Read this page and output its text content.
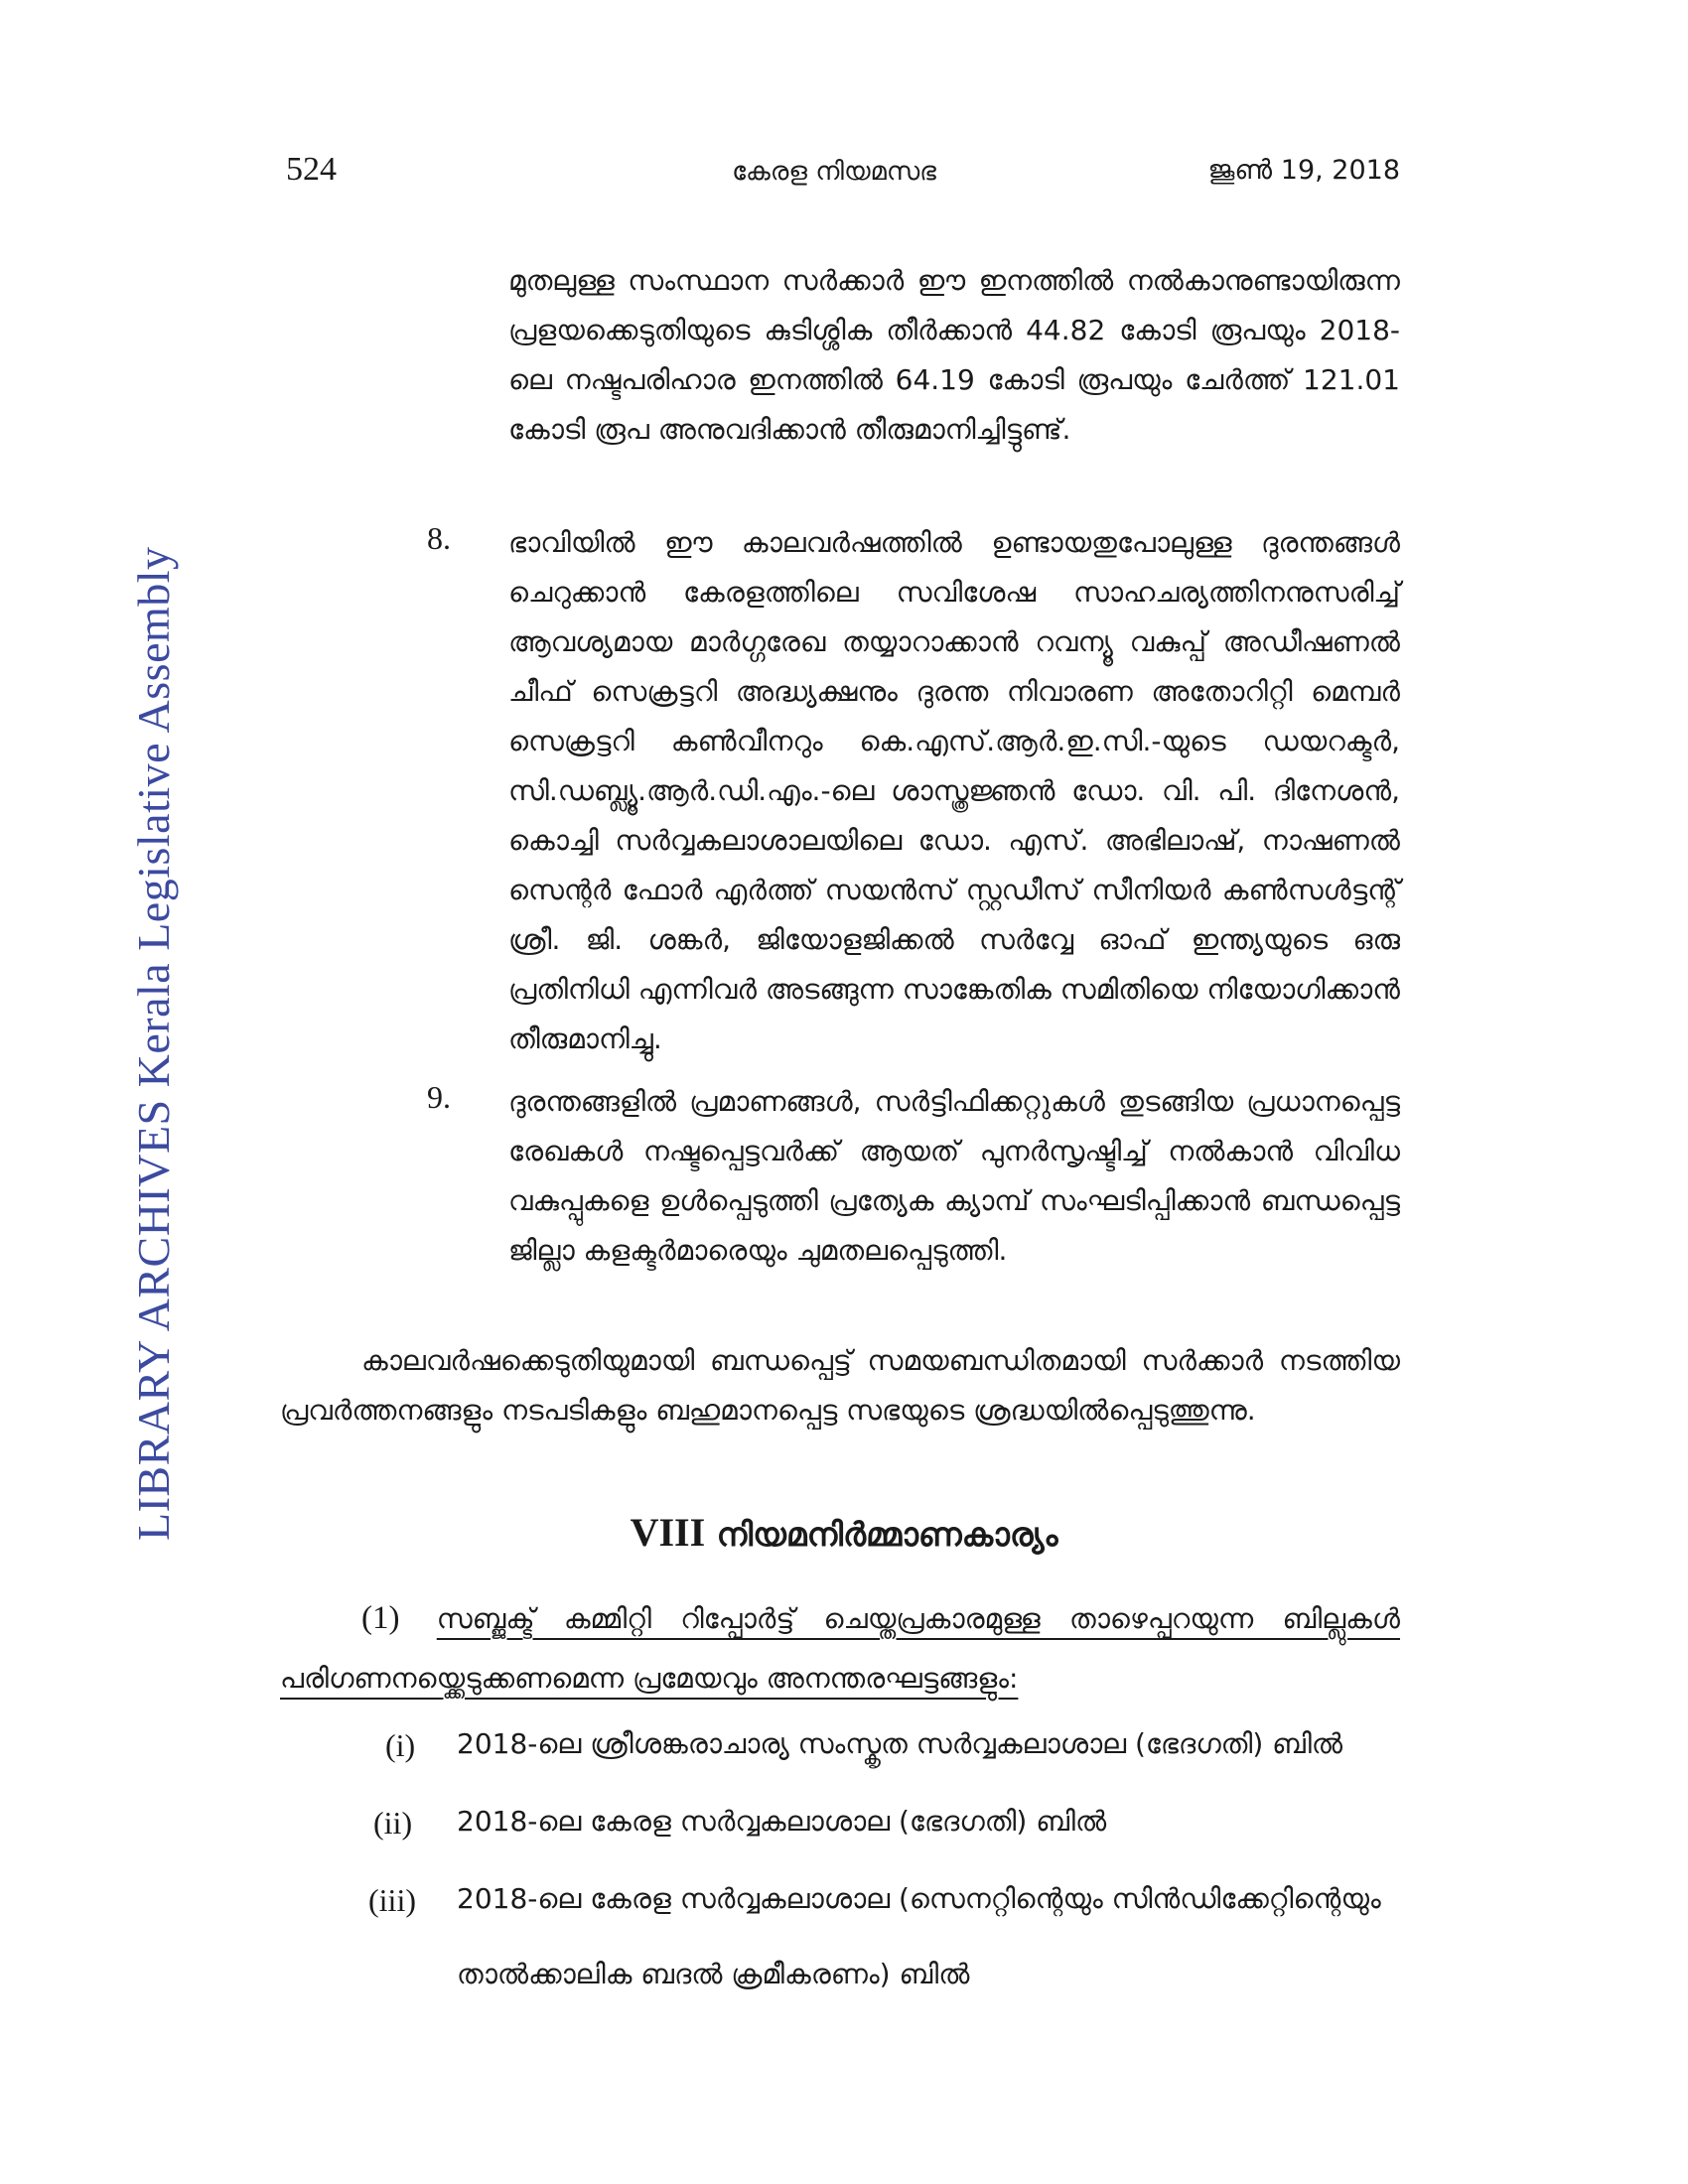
524	കേരള നിയമസഭ	ജൂൺ 19, 2018
LIBRARY ARCHIVES Kerala Legislative Assembly
മുതലുള്ള സംസ്ഥാന സർക്കാർ ഈ ഇനത്തിൽ നൽകാനുണ്ടായിരുന്ന പ്രളയക്കെടുതിയുടെ കുടിശ്ശിക തീർക്കാൻ 44.82 കോടി രൂപയും 2018-ലെ നഷ്ടപരിഹാര ഇനത്തിൽ 64.19 കോടി രൂപയും ചേർത്ത് 121.01 കോടി രൂപ അനുവദിക്കാൻ തീരുമാനിച്ചിട്ടുണ്ട്.
8. ഭാവിയിൽ ഈ കാലവർഷത്തിൽ ഉണ്ടായതുപോലുള്ള ദുരന്തങ്ങൾ ചെറുക്കാൻ കേരളത്തിലെ സവിശേഷ സാഹചര്യത്തിനനുസരിച്ച് ആവശ്യമായ മാർഗ്ഗരേഖ തയ്യാറാക്കാൻ റവന്യൂ വകുപ്പ് അഡീഷണൽ ചീഫ് സെക്രട്ടറി അദ്ധ്യക്ഷനും ദുരന്ത നിവാരണ അതോറിറ്റി മെമ്പർ സെക്രട്ടറി കൺവീനറും കെ.എസ്.ആർ.ഇ.സി.-യുടെ ഡയറക്ടർ, സി.ഡബ്ല്യൂ.ആർ.ഡി.എം.-ലെ ശാസ്ത്രജ്ഞൻ ഡോ. വി. പി. ദിനേശൻ, കൊച്ചി സർവ്വകലാശാലയിലെ ഡോ. എസ്. അഭിലാഷ്, നാഷണൽ സെന്റർ ഫോർ എർത്ത് സയൻസ് സ്റ്റഡീസ് സീനിയർ കൺസൾട്ടന്റ് ശ്രീ. ജി. ശങ്കർ, ജിയോളജിക്കൽ സർവ്വേ ഓഫ് ഇന്ത്യയുടെ ഒരു പ്രതിനിധി എന്നിവർ അടങ്ങുന്ന സാങ്കേതിക സമിതിയെ നിയോഗിക്കാൻ തീരുമാനിച്ചു.
9. ദുരന്തങ്ങളിൽ പ്രമാണങ്ങൾ, സർട്ടിഫിക്കറ്റുകൾ തുടങ്ങിയ പ്രധാനപ്പെട്ട രേഖകൾ നഷ്ടപ്പെട്ടവർക്ക് ആയത് പുനർസൃഷ്ടിച്ച് നൽകാൻ വിവിധ വകുപ്പുകളെ ഉൾപ്പെടുത്തി പ്രത്യേക ക്യാമ്പ് സംഘടിപ്പിക്കാൻ ബന്ധപ്പെട്ട ജില്ലാ കളക്ടർമാരെയും ചുമതലപ്പെടുത്തി.
കാലവർഷക്കെടുതിയുമായി ബന്ധപ്പെട്ട് സമയബന്ധിതമായി സർക്കാർ നടത്തിയ പ്രവർത്തനങ്ങളും നടപടികളും ബഹുമാനപ്പെട്ട സഭയുടെ ശ്രദ്ധയിൽപ്പെടുത്തുന്നു.
VIII നിയമനിർമ്മാണകാര്യം
(1) സബ്ജക്ട് കമ്മിറ്റി റിപ്പോർട്ട് ചെയ്തപ്രകാരമുള്ള താഴെപ്പറയുന്ന ബില്ലുകൾ പരിഗണനയ്ക്കെടുക്കണമെന്ന പ്രമേയവും അനന്തരഘട്ടങ്ങളും:
(i) 2018-ലെ ശ്രീശങ്കരാചാര്യ സംസ്കൃത സർവ്വകലാശാല (ഭേദഗതി) ബിൽ
(ii) 2018-ലെ കേരള സർവ്വകലാശാല (ഭേദഗതി) ബിൽ
(iii) 2018-ലെ കേരള സർവ്വകലാശാല (സെനറ്റിന്റെയും സിൻഡിക്കേറ്റിന്റെയും
താൽക്കാലിക ബദൽ ക്രമീകരണം) ബിൽ
